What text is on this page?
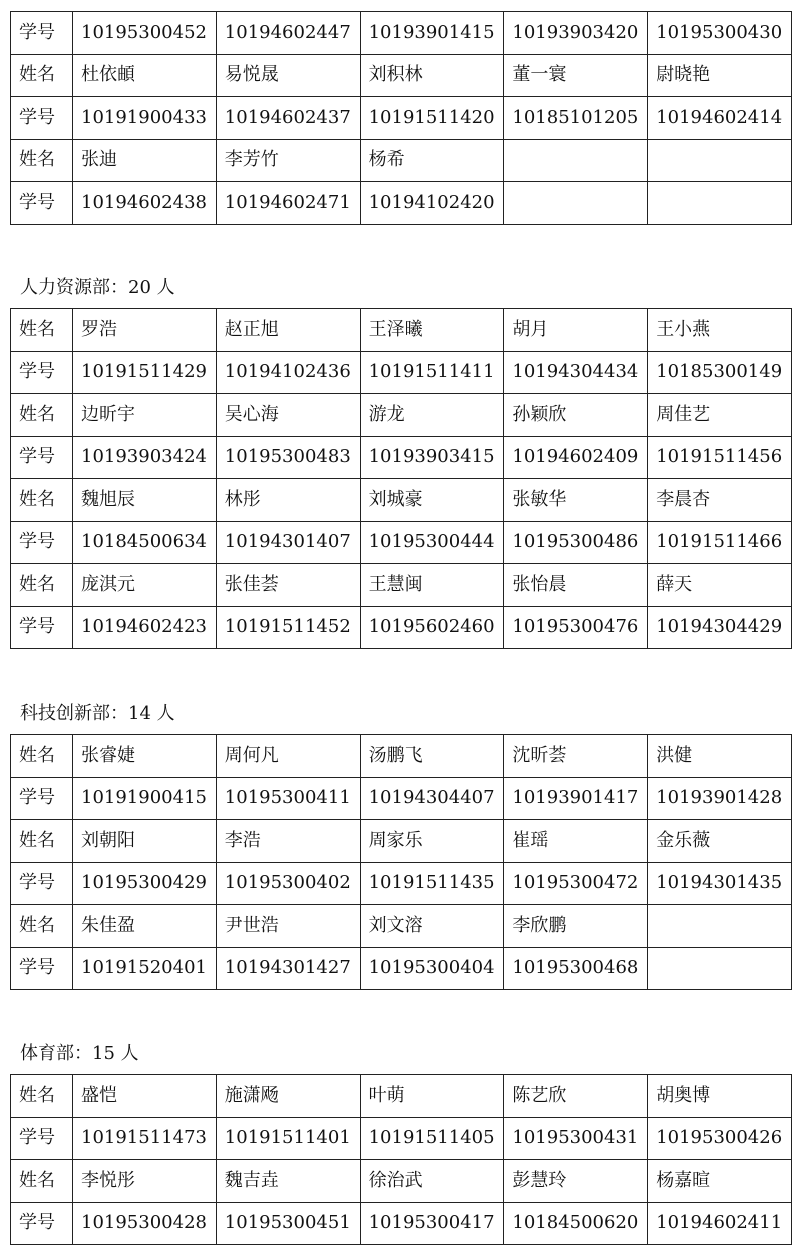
学号	10195300452	10194602447	10193901415	10193903420	10195300430
姓名	杜依頔	易悦晟	刘积林	董一寰	尉晓艳
学号	10191900433	10194602437	10191511420	10185101205	10194602414
姓名	张迪	李芳竹	杨希		
学号	10194602438	10194602471	10194102420		
人力资源部：20 人
姓名	罗浩	赵正旭	王泽曦	胡月	王小燕
学号	10191511429	10194102436	10191511411	10194304434	10185300149
姓名	边昕宇	吴心海	游龙	孙颖欣	周佳艺
学号	10193903424	10195300483	10193903415	10194602409	10191511456
姓名	魏旭辰	林彤	刘城豪	张敏华	李晨杏
学号	10184500634	10194301407	10195300444	10195300486	10191511466
姓名	庞淇元	张佳荟	王慧闽	张怡晨	薛天
学号	10194602423	10191511452	10195602460	10195300476	10194304429
科技创新部：14 人
姓名	张睿婕	周何凡	汤鹏飞	沈昕荟	洪健
学号	10191900415	10195300411	10194304407	10193901417	10193901428
姓名	刘朝阳	李浩	周家乐	崔瑶	金乐薇
学号	10195300429	10195300402	10191511435	10195300472	10194301435
姓名	朱佳盈	尹世浩	刘文溶	李欣鹏	
学号	10191520401	10194301427	10195300404	10195300468	
体育部：15 人
姓名	盛恺	施潇飏	叶萌	陈艺欣	胡奥博
学号	10191511473	10191511401	10191511405	10195300431	10195300426
姓名	李悦彤	魏吉垚	徐治武	彭慧玲	杨嘉暄
学号	10195300428	10195300451	10195300417	10184500620	10194602411
